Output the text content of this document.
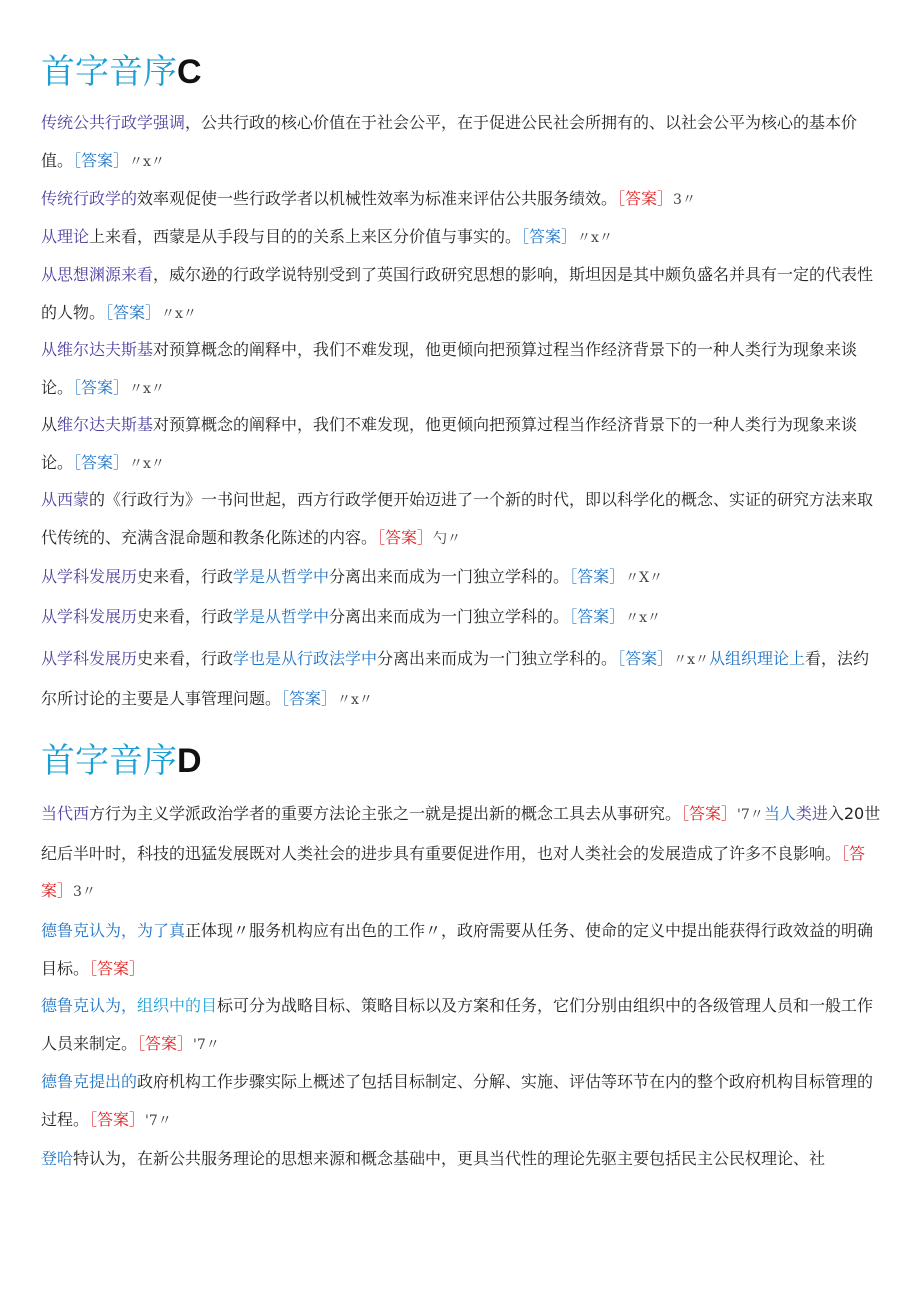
首字音序C

传统公共行政学强调，公共行政的核心价值在于社会公平，在于促进公民社会所拥有的、以社会公平为核心的基本价值。［答案］〃x〃

传统行政学的效率观促使一些行政学者以机械性效率为标准来评估公共服务绩效。［答案］3〃

从理论上来看，西蒙是从手段与目的的关系上来区分价值与事实的。［答案］〃x〃

从思想渊源来看，威尔逊的行政学说特别受到了英国行政研究思想的影响，斯坦因是其中颇负盛名并具有一定的代表性的人物。［答案］〃x〃

从维尔达夫斯基对预算概念的阐释中，我们不难发现，他更倾向把预算过程当作经济背景下的一种人类行为现象来谈论。［答案］〃x〃

从维尔达夫斯基对预算概念的阐释中，我们不难发现，他更倾向把预算过程当作经济背景下的一种人类行为现象来谈论。［答案］〃x〃

从西蒙的《行政行为》一书问世起，西方行政学便开始迈进了一个新的时代，即以科学化的概念、实证的研究方法来取代传统的、充满含混命题和教条化陈述的内容。［答案］勺〃

从学科发展历史来看，行政学是从哲学中分离出来而成为一门独立学科的。［答案］〃X〃

从学科发展历史来看，行政学是从哲学中分离出来而成为一门独立学科的。［答案］〃x〃

从学科发展历史来看，行政学也是从行政法学中分离出来而成为一门独立学科的。［答案］〃x〃从组织理论上看，法约尔所讨论的主要是人事管理问题。［答案］〃x〃

首字音序D

当代西方行为主义学派政治学者的重要方法论主张之一就是提出新的概念工具去从事研究。［答案］'7〃当人类进入20世纪后半叶时，科技的迅猛发展既对人类社会的进步具有重要促进作用，也对人类社会的发展造成了许多不良影响。［答案］3〃

德鲁克认为，为了真正体现〃服务机构应有出色的工作〃，政府需要从任务、使命的定义中提出能获得行政效益的明确目标。［答案］

德鲁克认为，组织中的目标可分为战略目标、策略目标以及方案和任务，它们分别由组织中的各级管理人员和一般工作人员来制定。［答案］'7〃

德鲁克提出的政府机构工作步骤实际上概述了包括目标制定、分解、实施、评估等环节在内的整个政府机构目标管理的过程。［答案］'7〃

登哈特认为，在新公共服务理论的思想来源和概念基础中，更具当代性的理论先驱主要包括民主公民权理论、社
